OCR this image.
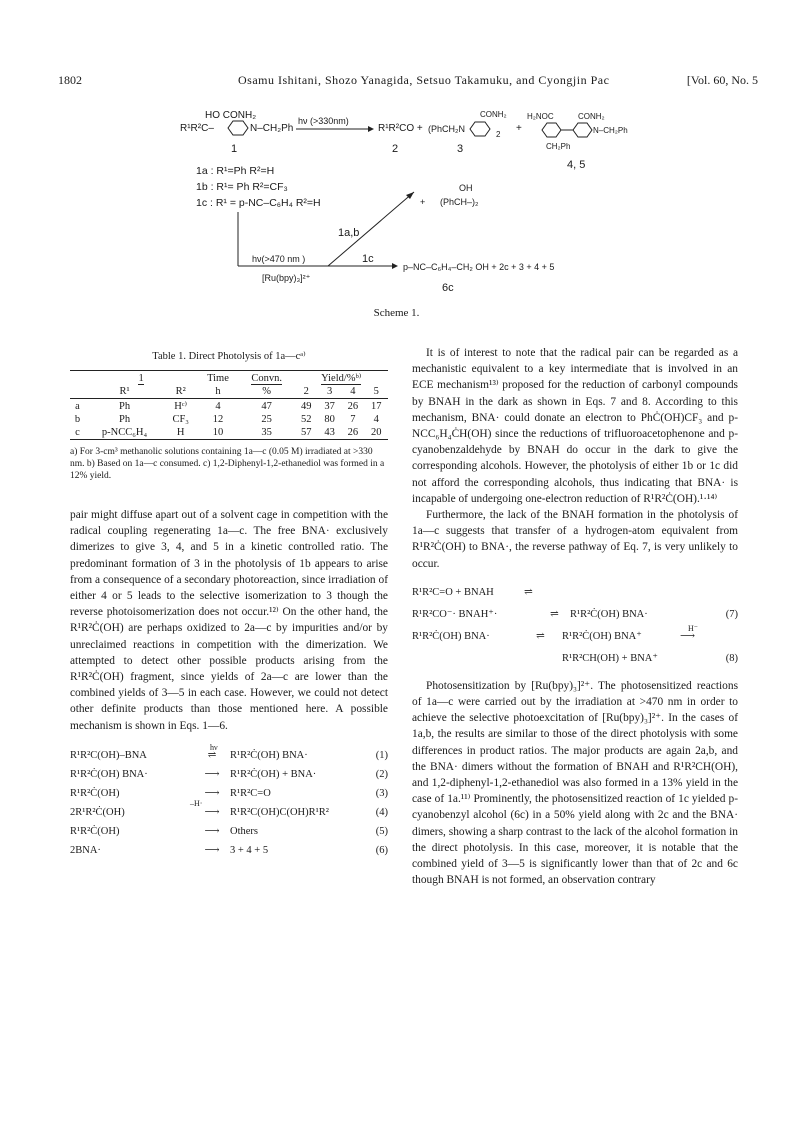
1802	Osamu Ishitani, Shozo Yanagida, Setsuo Takamuku, and Cyongjin Pac	[Vol. 60, No. 5
HO CONH₂
R¹R²C–	N–CH₂Ph
1
hν (>330nm)
R¹R²CO +
2
(PhCH₂N
CONH₂
2
3
+
H₂NOC	CONH₂
N–CH₂Ph
CH₂Ph
4, 5
1a : R¹=Ph R²=H
1b : R¹= Ph R²=CF₃
1c : R¹ = p-NC–C₆H₄ R²=H
1a,b
OH
+ (PhCH–)₂
hν(>470 nm )
[Ru(bpy)₃]²⁺
1c
p–NC–C₆H₄–CH₂ OH + 2c + 3 + 4 + 5
6c
Scheme 1.
Table 1. Direct Photolysis of 1a—cᵃ⁾
	1		Time	Convn.	Yield/%ᵇ⁾			
	R¹	R²	h	%	2	3	4	5
a	Ph	Hᶜ⁾	4	47	49	37	26	17
b	Ph	CF₃	12	25	52	80	7	4
c	p-NCC₆H₄	H	10	35	57	43	26	20
a) For 3-cm³ methanolic solutions containing 1a—c (0.05 M) irradiated at >330 nm. b) Based on 1a—c consumed. c) 1,2-Diphenyl-1,2-ethanediol was formed in a 12% yield.

pair might diffuse apart out of a solvent cage in competition with the radical coupling regenerating 1a—c. The free BNA· exclusively dimerizes to give 3, 4, and 5 in a kinetic controlled ratio. The predominant formation of 3 in the photolysis of 1b appears to arise from a consequence of a secondary photoreaction, since irradiation of either 4 or 5 leads to the selective isomerization to 3 though the reverse photoisomerization does not occur.¹²⁾ On the other hand, the R¹R²Ċ(OH) are perhaps oxidized to 2a—c by impurities and/or by unreclaimed reactions in competition with the dimerization. We attempted to detect other possible products arising from the R¹R²Ċ(OH) fragment, since yields of 2a—c are lower than the combined yields of 3—5 in each case. However, we could not detect other definite products than those mentioned here. A possible mechanism is shown in Eqs. 1—6.

R¹R²C(OH)–BNA
hν
⇌	R¹R²Ċ(OH) BNA·	(1)
R¹R²Ċ(OH) BNA·	⟶ R¹R²Ċ(OH) + BNA·	(2)
R¹R²Ċ(OH)	⟶
–H·
R¹R²C=O	(3)
2R¹R²Ċ(OH)	⟶ R¹R²C(OH)C(OH)R¹R²	(4)
R¹R²Ċ(OH)	⟶ Others	(5)
2BNA·	⟶ 3 + 4 + 5	(6)

It is of interest to note that the radical pair can be regarded as a mechanistic equivalent to a key intermediate that is involved in an ECE mechanism¹³⁾ proposed for the reduction of carbonyl compounds by BNAH in the dark as shown in Eqs. 7 and 8. According to this mechanism, BNA· could donate an electron to PhĊ(OH)CF₃ and p-NCC₆H₄ĊH(OH) since the reductions of trifluoroacetophenone and p-cyanobenzaldehyde by BNAH do occur in the dark to give the corresponding alcohols. However, the photolysis of either 1b or 1c did not afford the corresponding alcohols, thus indicating that BNA· is incapable of undergoing one-electron reduction of R¹R²Ċ(OH).¹·¹⁴⁾

Furthermore, the lack of the BNAH formation in the photolysis of 1a—c suggests that transfer of a hydrogen-atom equivalent from R¹R²Ċ(OH) to BNA·, the reverse pathway of Eq. 7, is very unlikely to occur.

R¹R²C=O + BNAH	⇌
R¹R²CO⁻· BNAH⁺·	⇌ R¹R²Ċ(OH) BNA·	(7)
R¹R²Ċ(OH) BNA·	⇌ R¹R²Ċ(OH) BNA⁺
H⁻
⟶
R¹R²CH(OH) + BNA⁺	(8)

Photosensitization by [Ru(bpy)₃]²⁺. The photosensitized reactions of 1a—c were carried out by the irradiation at >470 nm in order to achieve the selective photoexcitation of [Ru(bpy)₃]²⁺. In the cases of 1a,b, the results are similar to those of the direct photolysis with some differences in product ratios. The major products are again 2a,b, and the BNA· dimers without the formation of BNAH and R¹R²CH(OH), and 1,2-diphenyl-1,2-ethanediol was also formed in a 13% yield in the case of 1a.¹¹⁾ Prominently, the photosensitized reaction of 1c yielded p-cyanobenzyl alcohol (6c) in a 50% yield along with 2c and the BNA· dimers, showing a sharp contrast to the lack of the alcohol formation in the direct photolysis. In this case, moreover, it is notable that the combined yield of 3—5 is significantly lower than that of 2c and 6c though BNAH is not formed, an observation contrary
